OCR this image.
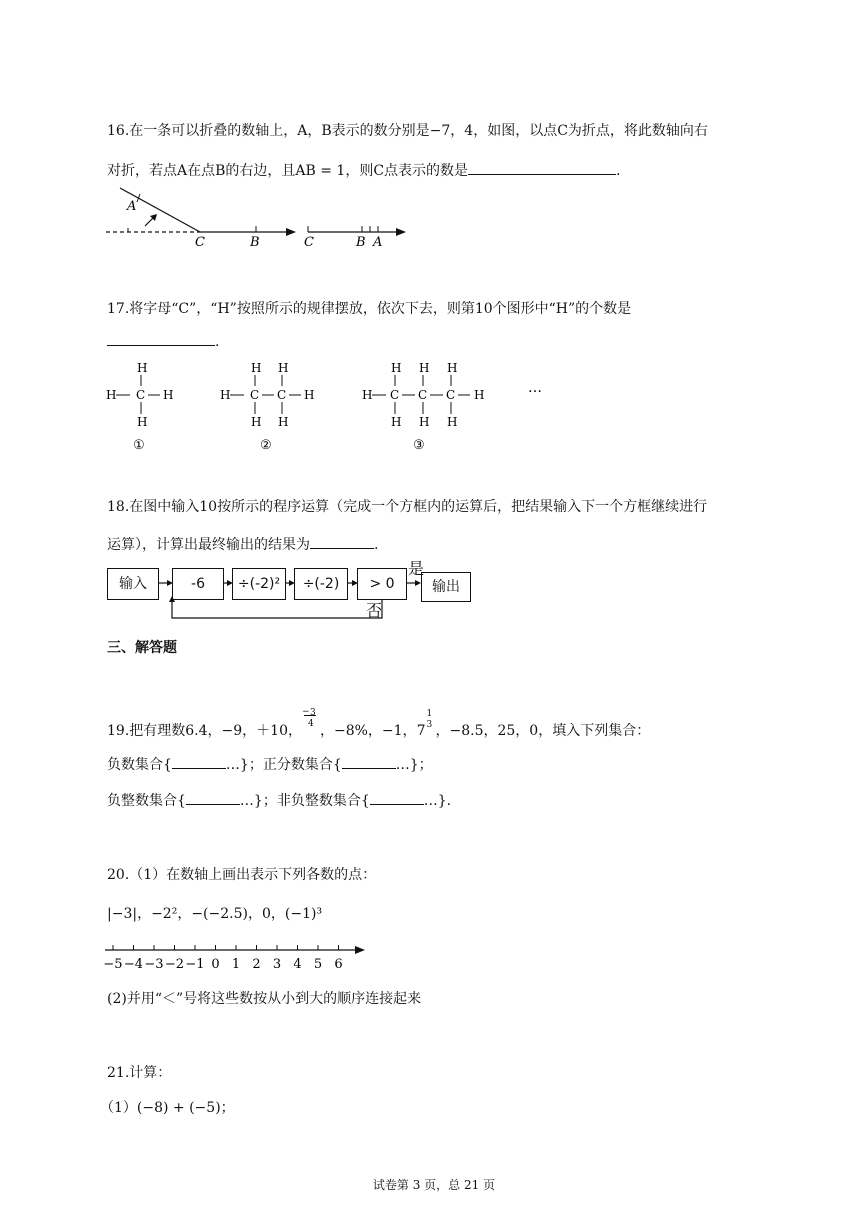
16.在一条可以折叠的数轴上，A，B表示的数分别是−7，4，如图，以点C为折点，将此数轴向右
对折，若点A在点B的右边，且AB = 1，则C点表示的数是	.
A
C	B	C	B A
17.将字母“C”，“H”按照所示的规律摆放，依次下去，则第10个图形中“H”的个数是
.
H
H C H
H
①
H H
H C C H
H H
②
H H H
H C C C H
H H H
③
…
18.在图中输入10按所示的程序运算（完成一个方框内的运算后，把结果输入下一个方框继续进行
运算），计算出最终输出的结果为	.
输入	-6	÷(-2)²	÷(-2)	> 0	输出
是
否
三、解答题
19.把有理数6.4，−9，＋10，
− 3
4 ，−8%，−1，7
1
3 ，−8.5，25，0，填入下列集合：
负数集合{	…}；正分数集合{	…}；
负整数集合{	…}；非负整数集合{	…}.
20.（1）在数轴上画出表示下列各数的点：
|−3|，−2²，−(−2.5)，0，(−1)³
−5 −4 −3 −2 −1 0 1 2 3 4 5 6
(2)并用“＜”号将这些数按从小到大的顺序连接起来
21.计算：
（1）(−8) + (−5)；
试卷第 3 页，总 21 页
